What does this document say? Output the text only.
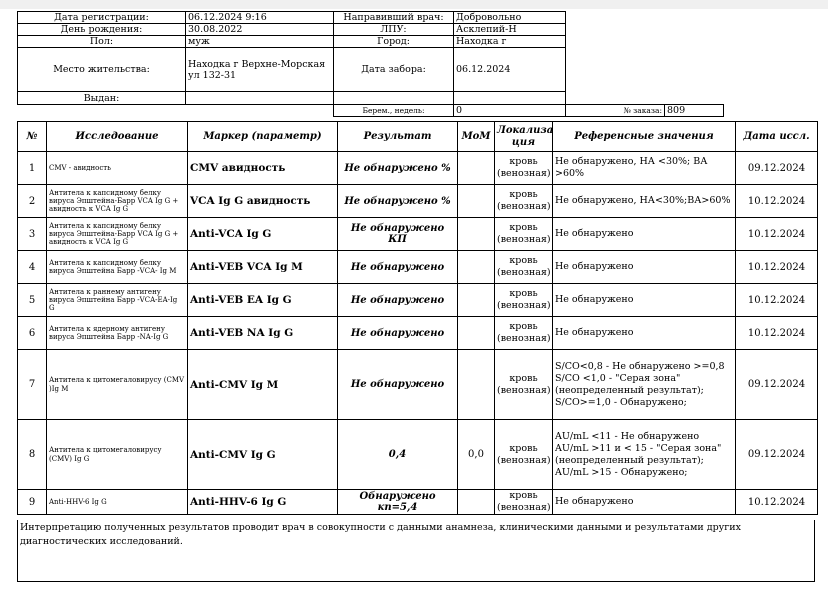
Дата регистрации:	06.12.2024 9:16	Направивший врач:	Добровольно	
День рождения:	30.08.2022	ЛПУ:	Асклепий-Н	
Пол:	муж	Город:	Находка г	
Место жительства:	Находка г Верхне-Морская ул 132-31	Дата забора:	06.12.2024	
Выдан:				
		Берем., недель:	0	№ заказа: 809
№	Исследование	Маркер (параметр)	Результат	МоМ	Локализа ция	Референсные значения	Дата иссл.
1	CMV - авидность	CMV авидность	Не обнаружено %		кровь (венозная)	Не обнаружено, НА <30%; ВА >60%	09.12.2024
2	Антитела к капсидному белку вируса Эпштейна-Барр VCA Ig G + авидность к VCA Ig G	VCA Ig G авидность	Не обнаружено %		кровь (венозная)	Не обнаружено, НА<30%;ВА>60%	10.12.2024
3	Антитела к капсидному белку вируса Эпштейна-Барр VCA Ig G + авидность к VCA Ig G	Anti-VCA Ig G	Не обнаружено КП		кровь (венозная)	Не обнаружено	10.12.2024
4	Антитела к капсидному белку вируса Эпштейна Барр -VCA- Ig M	Anti-VEB VCA Ig M	Не обнаружено		кровь (венозная)	Не обнаружено	10.12.2024
5	Антитела к раннему антигену вируса Эпштейна Барр -VCA-EA-Ig G	Anti-VEB EA Ig G	Не обнаружено		кровь (венозная)	Не обнаружено	10.12.2024
6	Антитела к ядерному антигену вируса Эпштейна Барр -NA-Ig G	Anti-VEB NA Ig G	Не обнаружено		кровь (венозная)	Не обнаружено	10.12.2024
7	Антитела к цитомегаловирусу (CMV )Ig M	Anti-CMV Ig M	Не обнаружено		кровь (венозная)	S/CO<0,8 - Не обнаружено >=0,8 S/CO <1,0 - "Серая зона"(неопределенный результат); S/CO>=1,0 - Обнаружено;	09.12.2024
8	Антитела к цитомегаловирусу (CMV) Ig G	Anti-CMV Ig G	0,4	0,0	кровь (венозная)	AU/mL <11 - Не обнаружено AU/mL >11 и < 15 - "Серая зона"(неопределенный результат); AU/mL >15 - Обнаружено;	09.12.2024
9	Anti-HHV-6 Ig G	Anti-HHV-6 Ig G	Обнаружено кп=5,4		кровь (венозная)	Не обнаружено	10.12.2024
Интерпретацию полученных результатов проводит врач в совокупности с данными анамнеза, клиническими данными и результатами других диагностических исследований.
